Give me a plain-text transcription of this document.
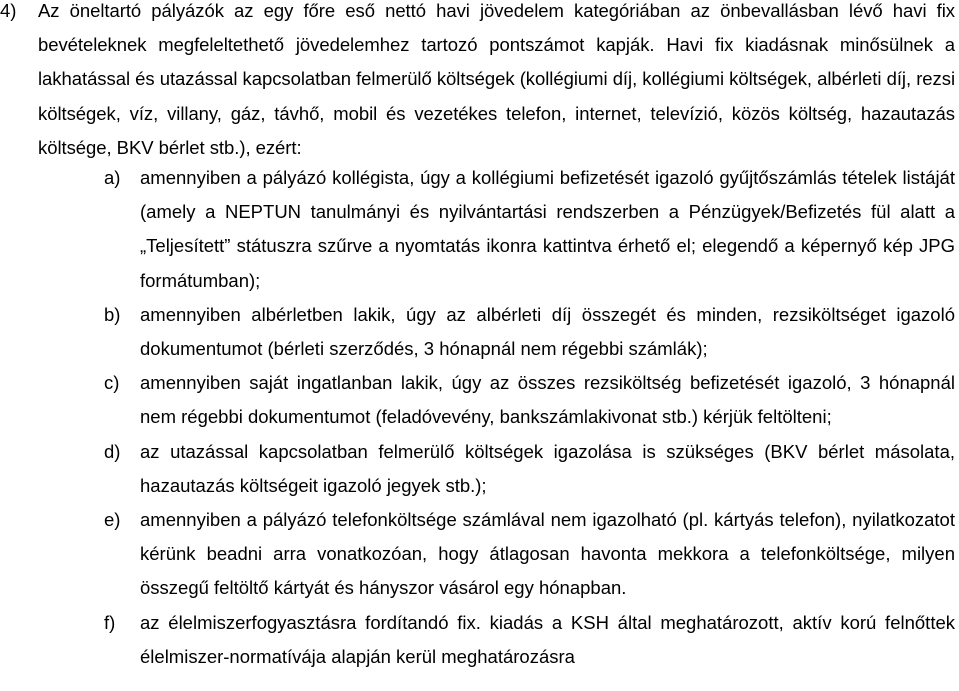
4)	Az öneltartó pályázók az egy főre eső nettó havi jövedelem kategóriában az önbevallásban lévő havi fix bevételeknek megfeleltethető jövedelemhez tartozó pontszámot kapják. Havi fix kiadásnak minősülnek a lakhatással és utazással kapcsolatban felmerülő költségek (kollégiumi díj, kollégiumi költségek, albérleti díj, rezsi költségek, víz, villany, gáz, távhő, mobil és vezetékes telefon, internet, televízió, közös költség, hazautazás költsége, BKV bérlet stb.), ezért:
a)	amennyiben a pályázó kollégista, úgy a kollégiumi befizetését igazoló gyűjtőszámlás tételek listáját (amely a NEPTUN tanulmányi és nyilvántartási rendszerben a Pénzügyek/Befizetés fül alatt a „Teljesített” státuszra szűrve a nyomtatás ikonra kattintva érhető el; elegendő a képernyő kép JPG formátumban);
b)	amennyiben albérletben lakik, úgy az albérleti díj összegét és minden, rezsiköltséget igazoló dokumentumot (bérleti szerződés, 3 hónapnál nem régebbi számlák);
c)	amennyiben saját ingatlanban lakik, úgy az összes rezsiköltség befizetését igazoló, 3 hónapnál nem régebbi dokumentumot (feladóvevény, bankszámlakivonat stb.) kérjük feltölteni;
d)	az utazással kapcsolatban felmerülő költségek igazolása is szükséges (BKV bérlet másolata, hazautazás költségeit igazoló jegyek stb.);
e)	amennyiben a pályázó telefonköltsége számlával nem igazolható (pl. kártyás telefon), nyilatkozatot kérünk beadni arra vonatkozóan, hogy átlagosan havonta mekkora a telefonköltsége, milyen összegű feltöltő kártyát és hányszor vásárol egy hónapban.
f)	az élelmiszerfogyasztásra fordítandó fix. kiadás a KSH által meghatározott, aktív korú felnőttek élelmiszer-normatívája alapján kerül meghatározásra
